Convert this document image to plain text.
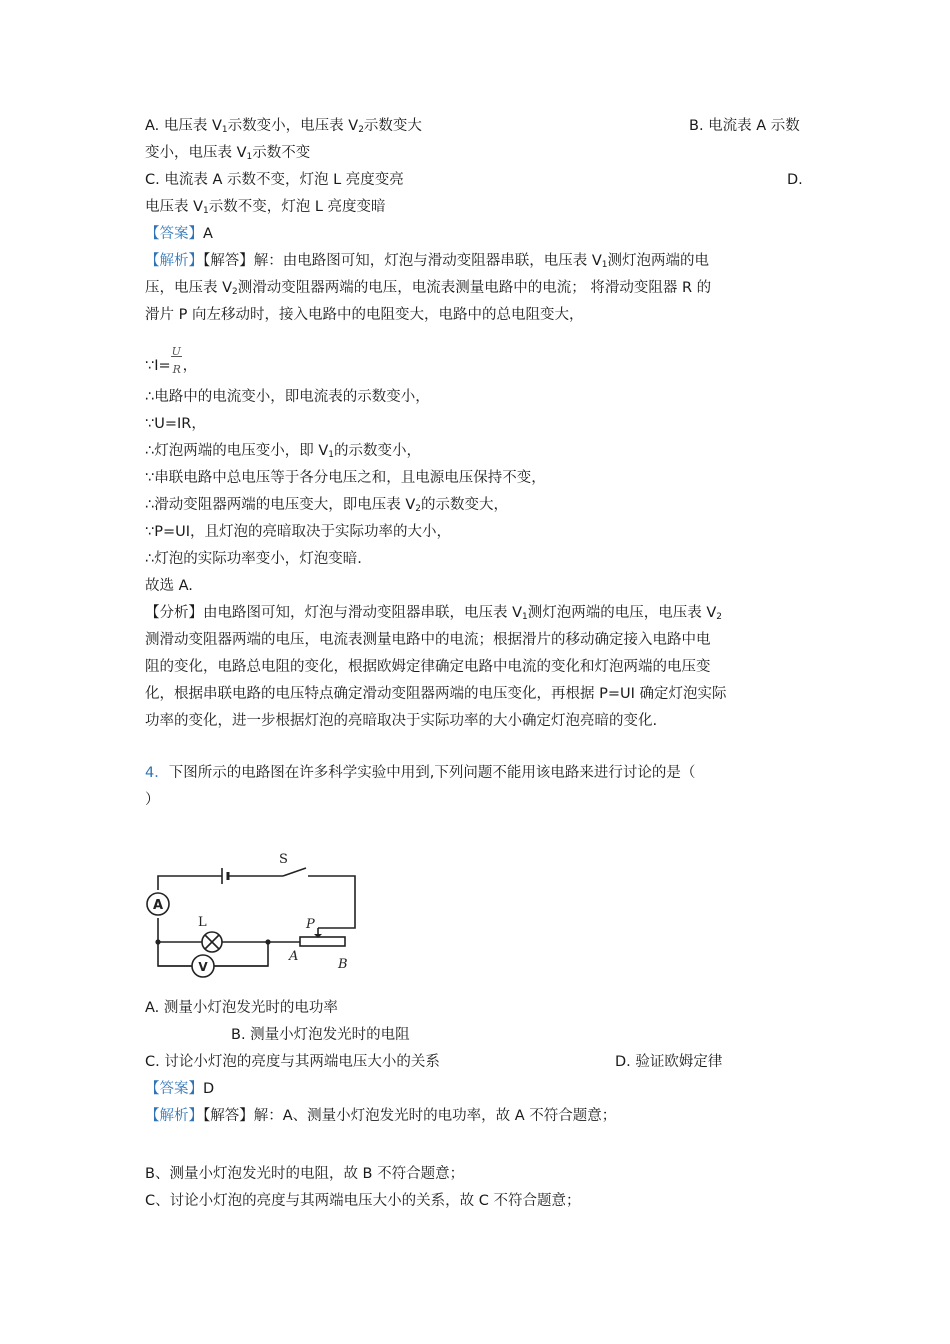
A. 电压表 $V_1$示数变小，电压表 $V_2$示数变大	B. 电流表 A 示数
变小，电压表 $V_1$示数不变
C. 电流表 A 示数不变，灯泡 L 亮度变亮	D.
电压表 $V_1$示数不变，灯泡 L 亮度变暗
【答案】A
【解析】【解答】解：由电路图可知，灯泡与滑动变阻器串联，电压表 $V_1$测灯泡两端的电
压，电压表 $V_2$测滑动变阻器两端的电压，电流表测量电路中的电流； 将滑动变阻器 R 的
滑片 P 向左移动时，接入电路中的电阻变大，电路中的总电阻变大，
∵I= $\frac{U}{R}$ ，
∴电路中的电流变小，即电流表的示数变小，
∵U=IR，
∴灯泡两端的电压变小，即 $V_1$的示数变小，
∵串联电路中总电压等于各分电压之和，且电源电压保持不变，
∴滑动变阻器两端的电压变大，即电压表 $V_2$的示数变大，
∵P=UI，且灯泡的亮暗取决于实际功率的大小，
∴灯泡的实际功率变小，灯泡变暗.
故选 A.
【分析】由电路图可知，灯泡与滑动变阻器串联，电压表 $V_1$测灯泡两端的电压，电压表 $V_2$
测滑动变阻器两端的电压，电流表测量电路中的电流；根据滑片的移动确定接入电路中电
阻的变化，电路总电阻的变化，根据欧姆定律确定电路中电流的变化和灯泡两端的电压变
化，根据串联电路的电压特点确定滑动变阻器两端的电压变化，再根据 P=UI 确定灯泡实际
功率的变化，进一步根据灯泡的亮暗取决于实际功率的大小确定灯泡亮暗的变化.
4．下图所示的电路图在许多科学实验中用到,下列问题不能用该电路来进行讨论的是（
）
A
V
S
L	P
A
B
A. 测量小灯泡发光时的电功率
B. 测量小灯泡发光时的电阻
C. 讨论小灯泡的亮度与其两端电压大小的关系	D. 验证欧姆定律
【答案】D
【解析】【解答】解：A、测量小灯泡发光时的电功率，故 A 不符合题意；
B、测量小灯泡发光时的电阻，故 B 不符合题意；
C、讨论小灯泡的亮度与其两端电压大小的关系，故 C 不符合题意；
